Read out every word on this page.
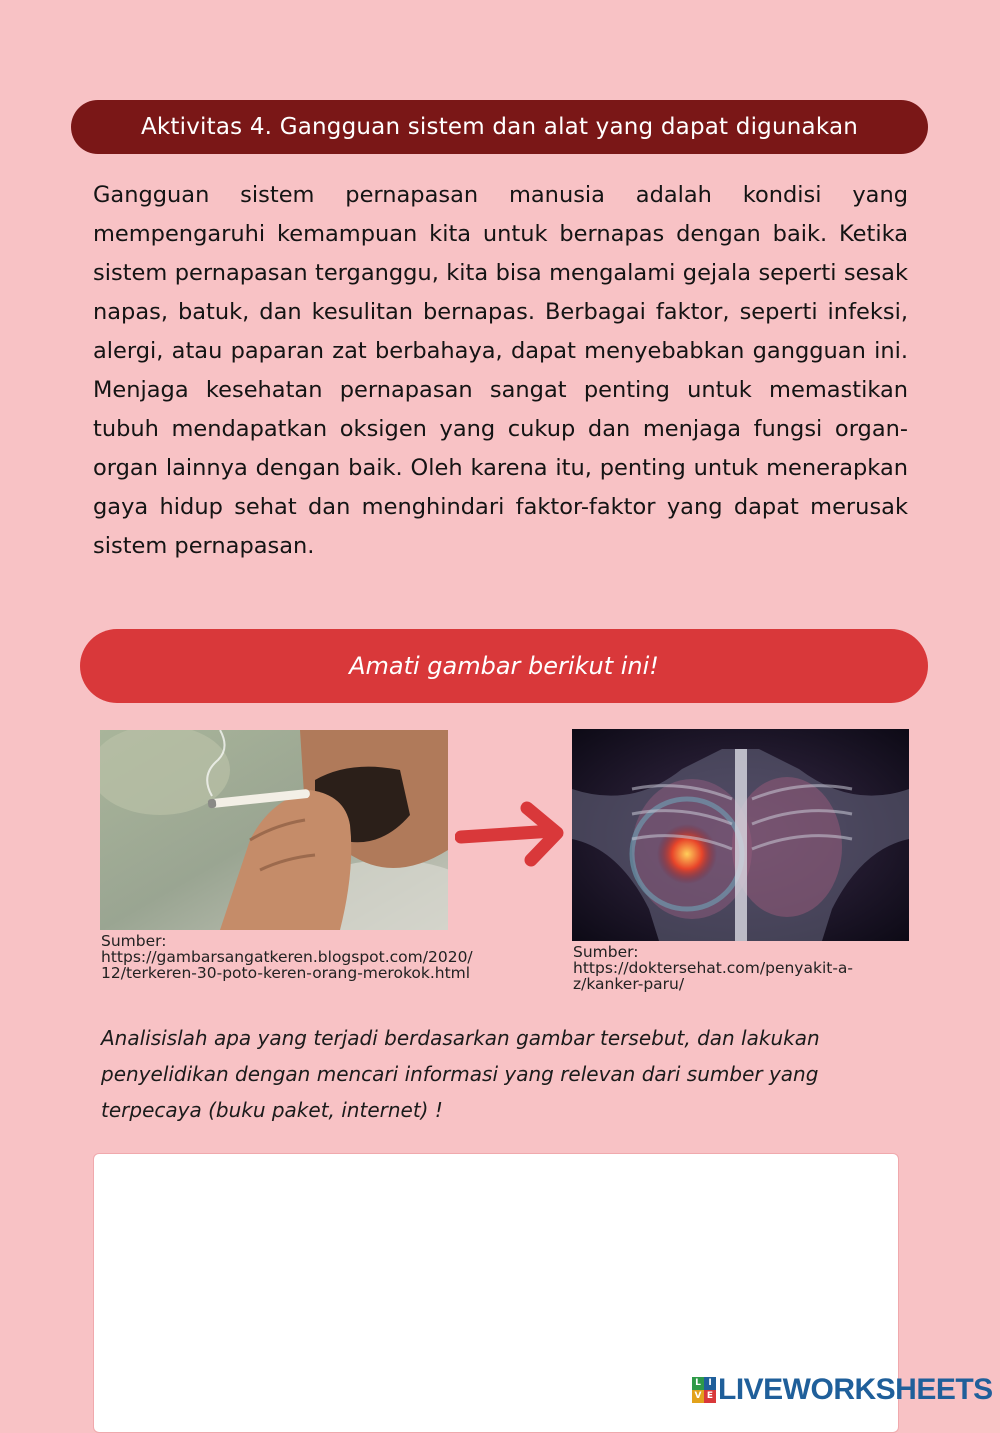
Aktivitas 4. Gangguan sistem dan alat yang dapat digunakan

Gangguan sistem pernapasan manusia adalah kondisi yang mempengaruhi kemampuan kita untuk bernapas dengan baik. Ketika sistem pernapasan terganggu, kita bisa mengalami gejala seperti sesak napas, batuk, dan kesulitan bernapas. Berbagai faktor, seperti infeksi, alergi, atau paparan zat berbahaya, dapat menyebabkan gangguan ini. Menjaga kesehatan pernapasan sangat penting untuk memastikan tubuh mendapatkan oksigen yang cukup dan menjaga fungsi organ-organ lainnya dengan baik. Oleh karena itu, penting untuk menerapkan gaya hidup sehat dan menghindari faktor-faktor yang dapat merusak sistem pernapasan.

Amati gambar berikut ini!

Sumber:
https://gambarsangatkeren.blogspot.com/2020/
12/terkeren-30-poto-keren-orang-merokok.html

Sumber:
https://doktersehat.com/penyakit-a-
z/kanker-paru/

Analisislah apa yang terjadi berdasarkan gambar tersebut, dan lakukan penyelidikan dengan mencari informasi yang relevan dari sumber yang terpecaya (buku paket, internet) !

L I
V E LIVEWORKSHEETS
